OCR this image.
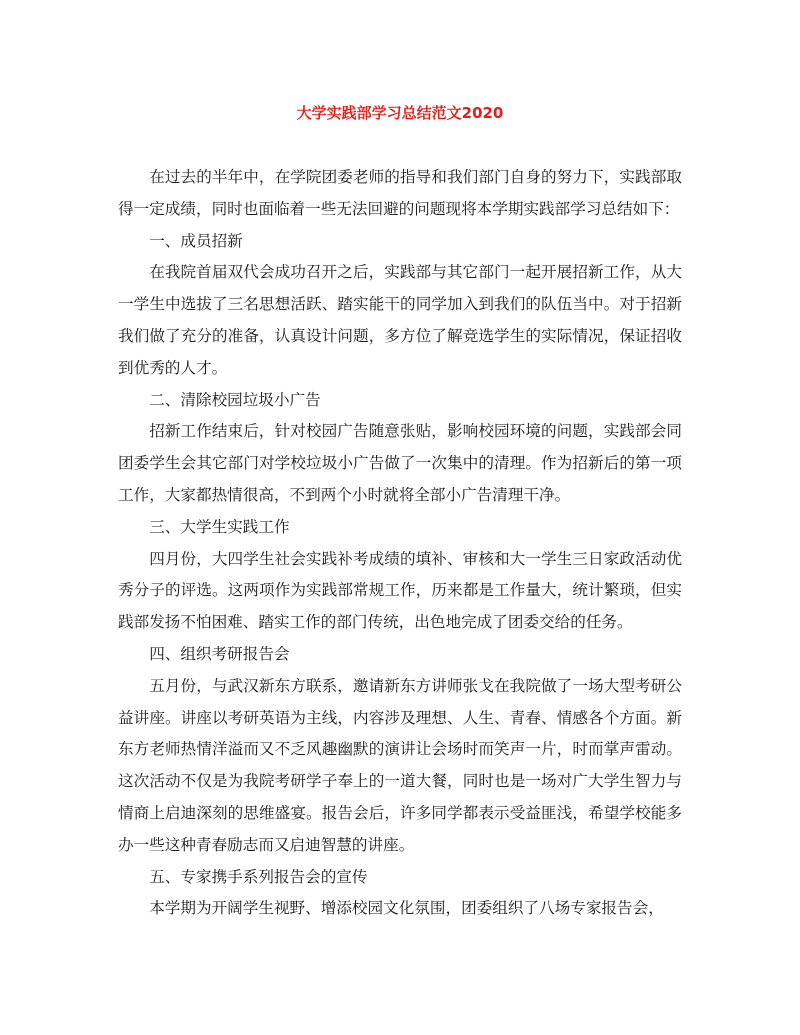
大学实践部学习总结范文2020

在过去的半年中，在学院团委老师的指导和我们部门自身的努力下，实践部取得一定成绩，同时也面临着一些无法回避的问题现将本学期实践部学习总结如下：

一、成员招新

在我院首届双代会成功召开之后，实践部与其它部门一起开展招新工作，从大一学生中选拔了三名思想活跃、踏实能干的同学加入到我们的队伍当中。对于招新我们做了充分的准备，认真设计问题，多方位了解竞选学生的实际情况，保证招收到优秀的人才。

二、清除校园垃圾小广告

招新工作结束后，针对校园广告随意张贴，影响校园环境的问题，实践部会同团委学生会其它部门对学校垃圾小广告做了一次集中的清理。作为招新后的第一项工作，大家都热情很高，不到两个小时就将全部小广告清理干净。

三、大学生实践工作

四月份，大四学生社会实践补考成绩的填补、审核和大一学生三日家政活动优秀分子的评选。这两项作为实践部常规工作，历来都是工作量大，统计繁琐，但实践部发扬不怕困难、踏实工作的部门传统，出色地完成了团委交给的任务。

四、组织考研报告会

五月份，与武汉新东方联系，邀请新东方讲师张戈在我院做了一场大型考研公益讲座。讲座以考研英语为主线，内容涉及理想、人生、青春、情感各个方面。新东方老师热情洋溢而又不乏风趣幽默的演讲让会场时而笑声一片，时而掌声雷动。这次活动不仅是为我院考研学子奉上的一道大餐，同时也是一场对广大学生智力与情商上启迪深刻的思维盛宴。报告会后，许多同学都表示受益匪浅，希望学校能多办一些这种青春励志而又启迪智慧的讲座。

五、专家携手系列报告会的宣传

本学期为开阔学生视野、增添校园文化氛围，团委组织了八场专家报告会，
